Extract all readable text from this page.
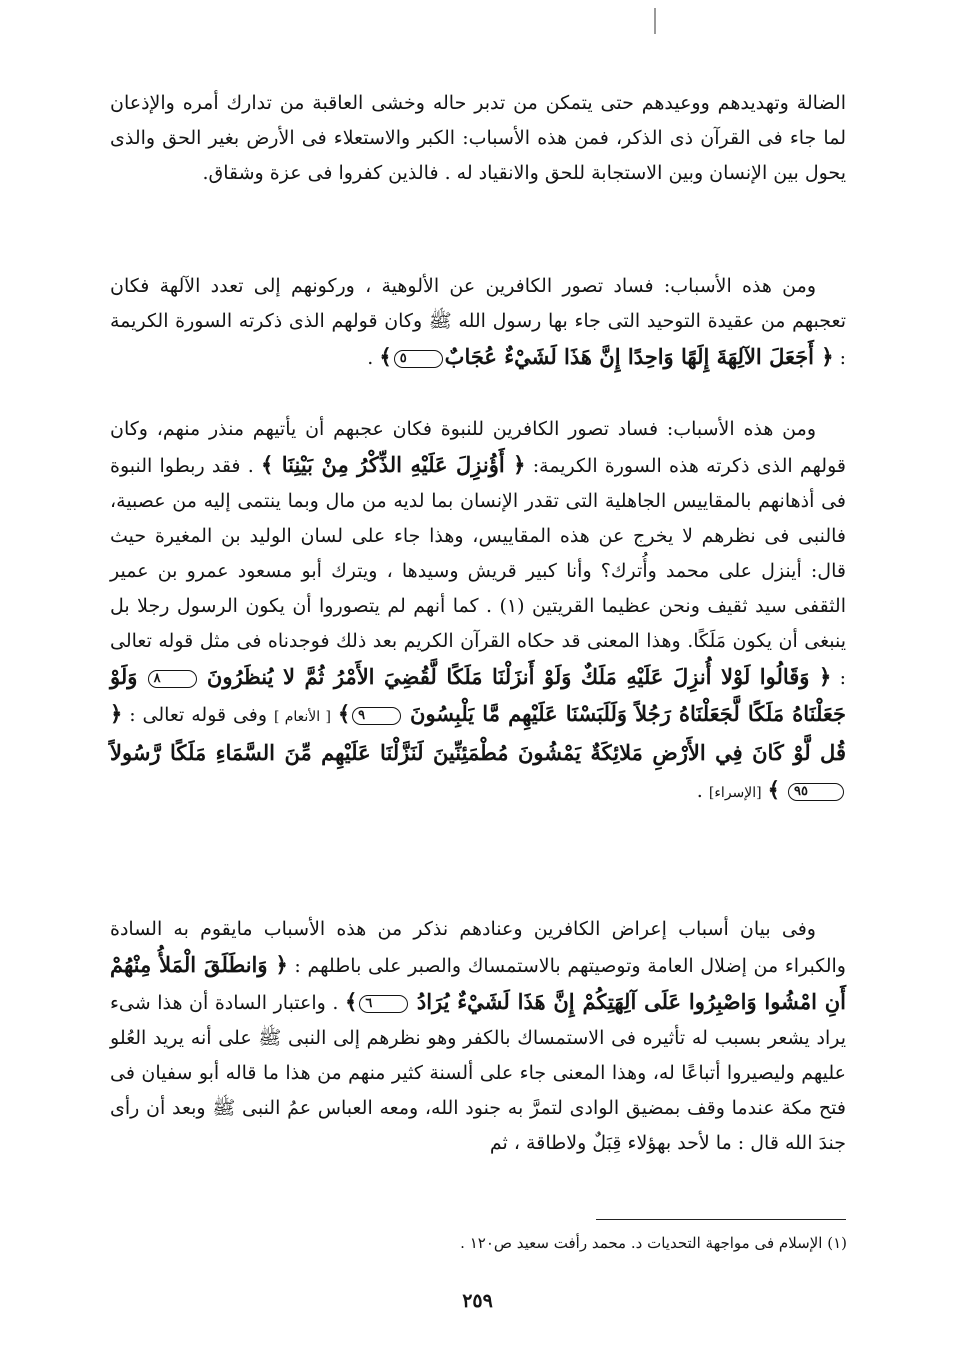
الضالة وتهديدهم ووعيدهم حتى يتمكن من تدبر حاله وخشى العاقبة من تدارك أمره والإذعان لما جاء فى القرآن ذى الذكر، فمن هذه الأسباب: الكبر والاستعلاء فى الأرض بغير الحق والذى يحول بين الإنسان وبين الاستجابة للحق والانقياد له . فالذين كفروا فى عزة وشقاق.

ومن هذه الأسباب: فساد تصور الكافرين عن الألوهية ، وركونهم إلى تعدد الآلهة فكان تعجبهم من عقيدة التوحيد التى جاء بها رسول الله ﷺ وكان قولهم الذى ذكرته السورة الكريمة : ﴿ أَجَعَلَ الآلِهَةَ إِلَهًا وَاحِدًا إِنَّ هَذَا لَشَيْءٌ عُجَابٌ٥﴾ .

ومن هذه الأسباب: فساد تصور الكافرين للنبوة فكان عجبهم أن يأتيهم منذر منهم، وكان قولهم الذى ذكرته هذه السورة الكريمة: ﴿ أَؤُنزِلَ عَلَيْهِ الذِّكْرُ مِنْ بَيْنِنَا ﴾ . فقد ربطوا النبوة فى أذهانهم بالمقاييس الجاهلية التى تقدر الإنسان بما لديه من مال وبما ينتمى إليه من عصبية، فالنبى فى نظرهم لا يخرج عن هذه المقاييس، وهذا جاء على لسان الوليد بن المغيرة حيث قال: أينزل على محمد وأُترك؟ وأنا كبير قريش وسيدها ، ويترك أبو مسعود عمرو بن عمير الثقفى سيد ثقيف ونحن عظيما القريتين (١) . كما أنهم لم يتصوروا أن يكون الرسول رجلا بل ينبغى أن يكون مَلَكًا. وهذا المعنى قد حكاه القرآن الكريم بعد ذلك فوجدناه فى مثل قوله تعالى : ﴿ وَقَالُوا لَوْلا أُنزِلَ عَلَيْهِ مَلَكٌ وَلَوْ أَنزَلْنَا مَلَكًا لَّقُضِيَ الأَمْرُ ثُمَّ لا يُنظَرُونَ ٨ وَلَوْ جَعَلْنَاهُ مَلَكًا لَّجَعَلْنَاهُ رَجُلاً وَلَلَبَسْنَا عَلَيْهِم مَّا يَلْبِسُونَ ٩﴾ [ الأنعام ] وفى قوله تعالى : ﴿ قُل لَّوْ كَانَ فِي الأَرْضِ مَلائِكَةٌ يَمْشُونَ مُطْمَئِنِّينَ لَنَزَّلْنَا عَلَيْهِم مِّنَ السَّمَاءِ مَلَكًا رَّسُولاً ٩٥ ﴾ [الإسراء] .

وفى بيان أسباب إعراض الكافرين وعنادهم نذكر من هذه الأسباب مايقوم به السادة والكبراء من إضلال العامة وتوصيتهم بالاستمساك والصبر على باطلهم : ﴿ وَانطَلَقَ الْمَلأُ مِنْهُمْ أَنِ امْشُوا وَاصْبِرُوا عَلَى آلِهَتِكُمْ إِنَّ هَذَا لَشَيْءٌ يُرَادُ ٦﴾ . واعتبار السادة أن هذا شىء يراد يشعر بسبب له تأثيره فى الاستمساك بالكفر وهو نظرهم إلى النبى ﷺ على أنه يريد العُلو عليهم وليصيروا أتباعًا له، وهذا المعنى جاء على ألسنة كثير منهم من هذا ما قاله أبو سفيان فى فتح مكة عندما وقف بمضيق الوادى لتمرَّ به جنود الله، ومعه العباس عمُ النبى ﷺ وبعد أن رأى جندَ الله قال : ما لأحد بهؤلاء قِبَلٌ ولاطاقة ، ثم

(١) الإسلام فى مواجهة التحديات د. محمد رأفت سعيد ص١٢٠ .
٢٥٩
